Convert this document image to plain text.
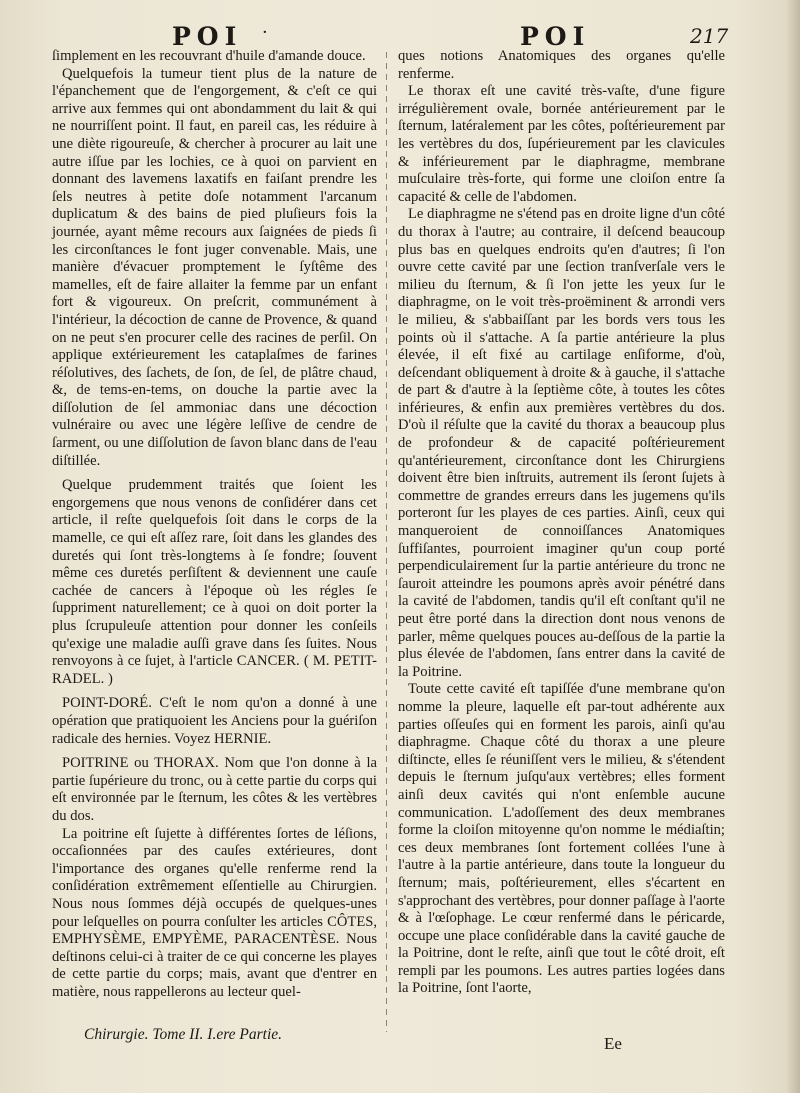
POI ·	POI	217

ſimplement en les recouvrant d'huile d'amande douce.

Quelquefois la tumeur tient plus de la nature de l'épanchement que de l'engorgement, & c'eſt ce qui arrive aux femmes qui ont abondamment du lait & qui ne nourriſſent point. Il faut, en pareil cas, les réduire à une diète rigoureuſe, & chercher à procurer au lait une autre iſſue par les lochies, ce à quoi on parvient en donnant des lavemens laxatifs en faiſant prendre les ſels neutres à petite doſe notamment l'arcanum duplicatum & des bains de pied pluſieurs fois la journée, ayant même recours aux ſaignées de pieds ſi les circonſtances le font juger convenable. Mais, une manière d'évacuer promptement le ſyſtême des mamelles, eſt de faire allaiter la femme par un enfant fort & vigoureux. On preſcrit, communément à l'intérieur, la décoction de canne de Provence, & quand on ne peut s'en procurer celle des racines de perſil. On applique extérieurement les cataplaſmes de farines réſolutives, des ſachets, de ſon, de ſel, de plâtre chaud, &, de tems-en-tems, on douche la partie avec la diſſolution de ſel ammoniac dans une décoction vulnéraire ou avec une légère leſſive de cendre de ſarment, ou une diſſolution de ſavon blanc dans de l'eau diſtillée.

Quelque prudemment traités que ſoient les engorgemens que nous venons de conſidérer dans cet article, il reſte quelquefois ſoit dans le corps de la mamelle, ce qui eſt aſſez rare, ſoit dans les glandes des duretés qui ſont très-longtems à ſe fondre; ſouvent même ces duretés perſiſtent & deviennent une cauſe cachée de cancers à l'époque où les régles ſe ſuppriment naturellement; ce à quoi on doit porter la plus ſcrupuleuſe attention pour donner les conſeils qu'exige une maladie auſſi grave dans ſes ſuites. Nous renvoyons à ce ſujet, à l'article CANCER. ( M. PETIT-RADEL. )

POINT-DORÉ. C'eſt le nom qu'on a donné à une opération que pratiquoient les Anciens pour la guériſon radicale des hernies. Voyez HERNIE.

POITRINE ou THORAX. Nom que l'on donne à la partie ſupérieure du tronc, ou à cette partie du corps qui eſt environnée par le ſternum, les côtes & les vertèbres du dos.

La poitrine eſt ſujette à différentes ſortes de léſions, occaſionnées par des cauſes extérieures, dont l'importance des organes qu'elle renferme rend la conſidération extrêmement eſſentielle au Chirurgien. Nous nous ſommes déjà occupés de quelques-unes pour leſquelles on pourra conſulter les articles CÔTES, EMPHYSÈME, EMPYÈME, PARACENTÈSE. Nous deſtinons celui-ci à traiter de ce qui concerne les playes de cette partie du corps; mais, avant que d'entrer en matière, nous rappellerons au lecteur quel-

ques notions Anatomiques des organes qu'elle renferme.

Le thorax eſt une cavité très-vaſte, d'une figure irrégulièrement ovale, bornée antérieurement par le ſternum, latéralement par les côtes, poſtérieurement par les vertèbres du dos, ſupérieurement par les clavicules & inférieurement par le diaphragme, membrane muſculaire très-forte, qui forme une cloiſon entre ſa capacité & celle de l'abdomen.

Le diaphragme ne s'étend pas en droite ligne d'un côté du thorax à l'autre; au contraire, il deſcend beaucoup plus bas en quelques endroits qu'en d'autres; ſi l'on ouvre cette cavité par une ſection tranſverſale vers le milieu du ſternum, & ſi l'on jette les yeux ſur le diaphragme, on le voit très-proëminent & arrondi vers le milieu, & s'abbaiſſant par les bords vers tous les points où il s'attache. A ſa partie antérieure la plus élevée, il eſt fixé au cartilage enſiforme, d'où, deſcendant obliquement à droite & à gauche, il s'attache de part & d'autre à la ſeptième côte, à toutes les côtes inférieures, & enfin aux premières vertèbres du dos. D'où il réſulte que la cavité du thorax a beaucoup plus de profondeur & de capacité poſtérieurement qu'antérieurement, circonſtance dont les Chirurgiens doivent être bien inſtruits, autrement ils ſeront ſujets à commettre de grandes erreurs dans les jugemens qu'ils porteront ſur les playes de ces parties. Ainſi, ceux qui manqueroient de connoiſſances Anatomiques ſuffiſantes, pourroient imaginer qu'un coup porté perpendiculairement ſur la partie antérieure du tronc ne ſauroit atteindre les poumons après avoir pénétré dans la cavité de l'abdomen, tandis qu'il eſt conſtant qu'il ne peut être porté dans la direction dont nous venons de parler, même quelques pouces au-deſſous de la partie la plus élevée de l'abdomen, ſans entrer dans la cavité de la Poitrine.

Toute cette cavité eſt tapiſſée d'une membrane qu'on nomme la pleure, laquelle eſt par-tout adhérente aux parties oſſeuſes qui en forment les parois, ainſi qu'au diaphragme. Chaque côté du thorax a une pleure diſtincte, elles ſe réuniſſent vers le milieu, & s'étendent depuis le ſternum juſqu'aux vertèbres; elles forment ainſi deux cavités qui n'ont enſemble aucune communication. L'adoſſement des deux membranes forme la cloiſon mitoyenne qu'on nomme le médiaſtin; ces deux membranes ſont fortement collées l'une à l'autre à la partie antérieure, dans toute la longueur du ſternum; mais, poſtérieurement, elles s'écartent en s'approchant des vertèbres, pour donner paſſage à l'aorte & à l'œſophage. Le cœur renfermé dans le péricarde, occupe une place conſidérable dans la cavité gauche de la Poitrine, dont le reſte, ainſi que tout le côté droit, eſt rempli par les poumons. Les autres parties logées dans la Poitrine, ſont l'aorte,

Chirurgie. Tome II. I.ere Partie.	Ee
